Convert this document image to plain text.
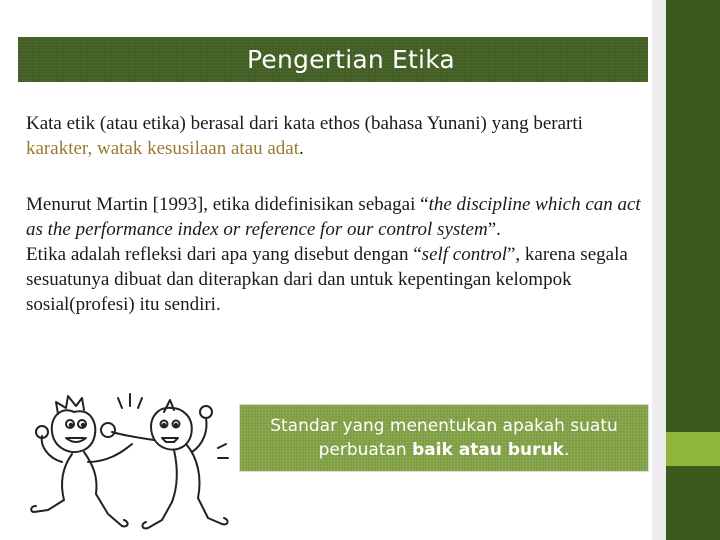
Pengertian Etika

Kata etik (atau etika) berasal dari kata ethos (bahasa Yunani) yang berarti karakter, watak kesusilaan atau adat.

Menurut Martin [1993], etika didefinisikan sebagai “the discipline which can act as the performance index or reference for our control system”.

Etika adalah refleksi dari apa yang disebut dengan “self control”, karena segala sesuatunya dibuat dan diterapkan dari dan untuk kepentingan kelompok sosial(profesi) itu sendiri.

Standar yang menentukan apakah suatu
perbuatan baik atau buruk.
